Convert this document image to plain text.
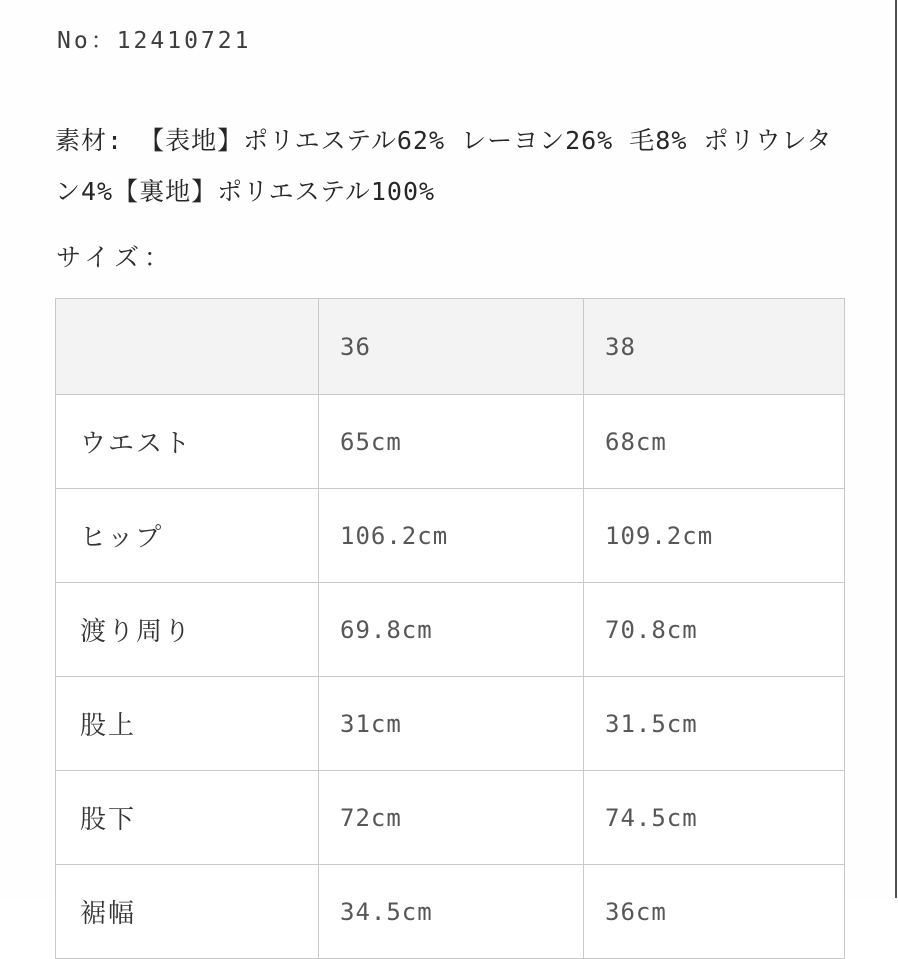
No：12410721

素材: 【表地】ポリエステル62% レーヨン26% 毛8% ポリウレタン4%【裏地】ポリエステル100%

サイズ：
	36	38
ウエスト	65cm	68cm
ヒップ	106.2cm	109.2cm
渡り周り	69.8cm	70.8cm
股上	31cm	31.5cm
股下	72cm	74.5cm
裾幅	34.5cm	36cm
